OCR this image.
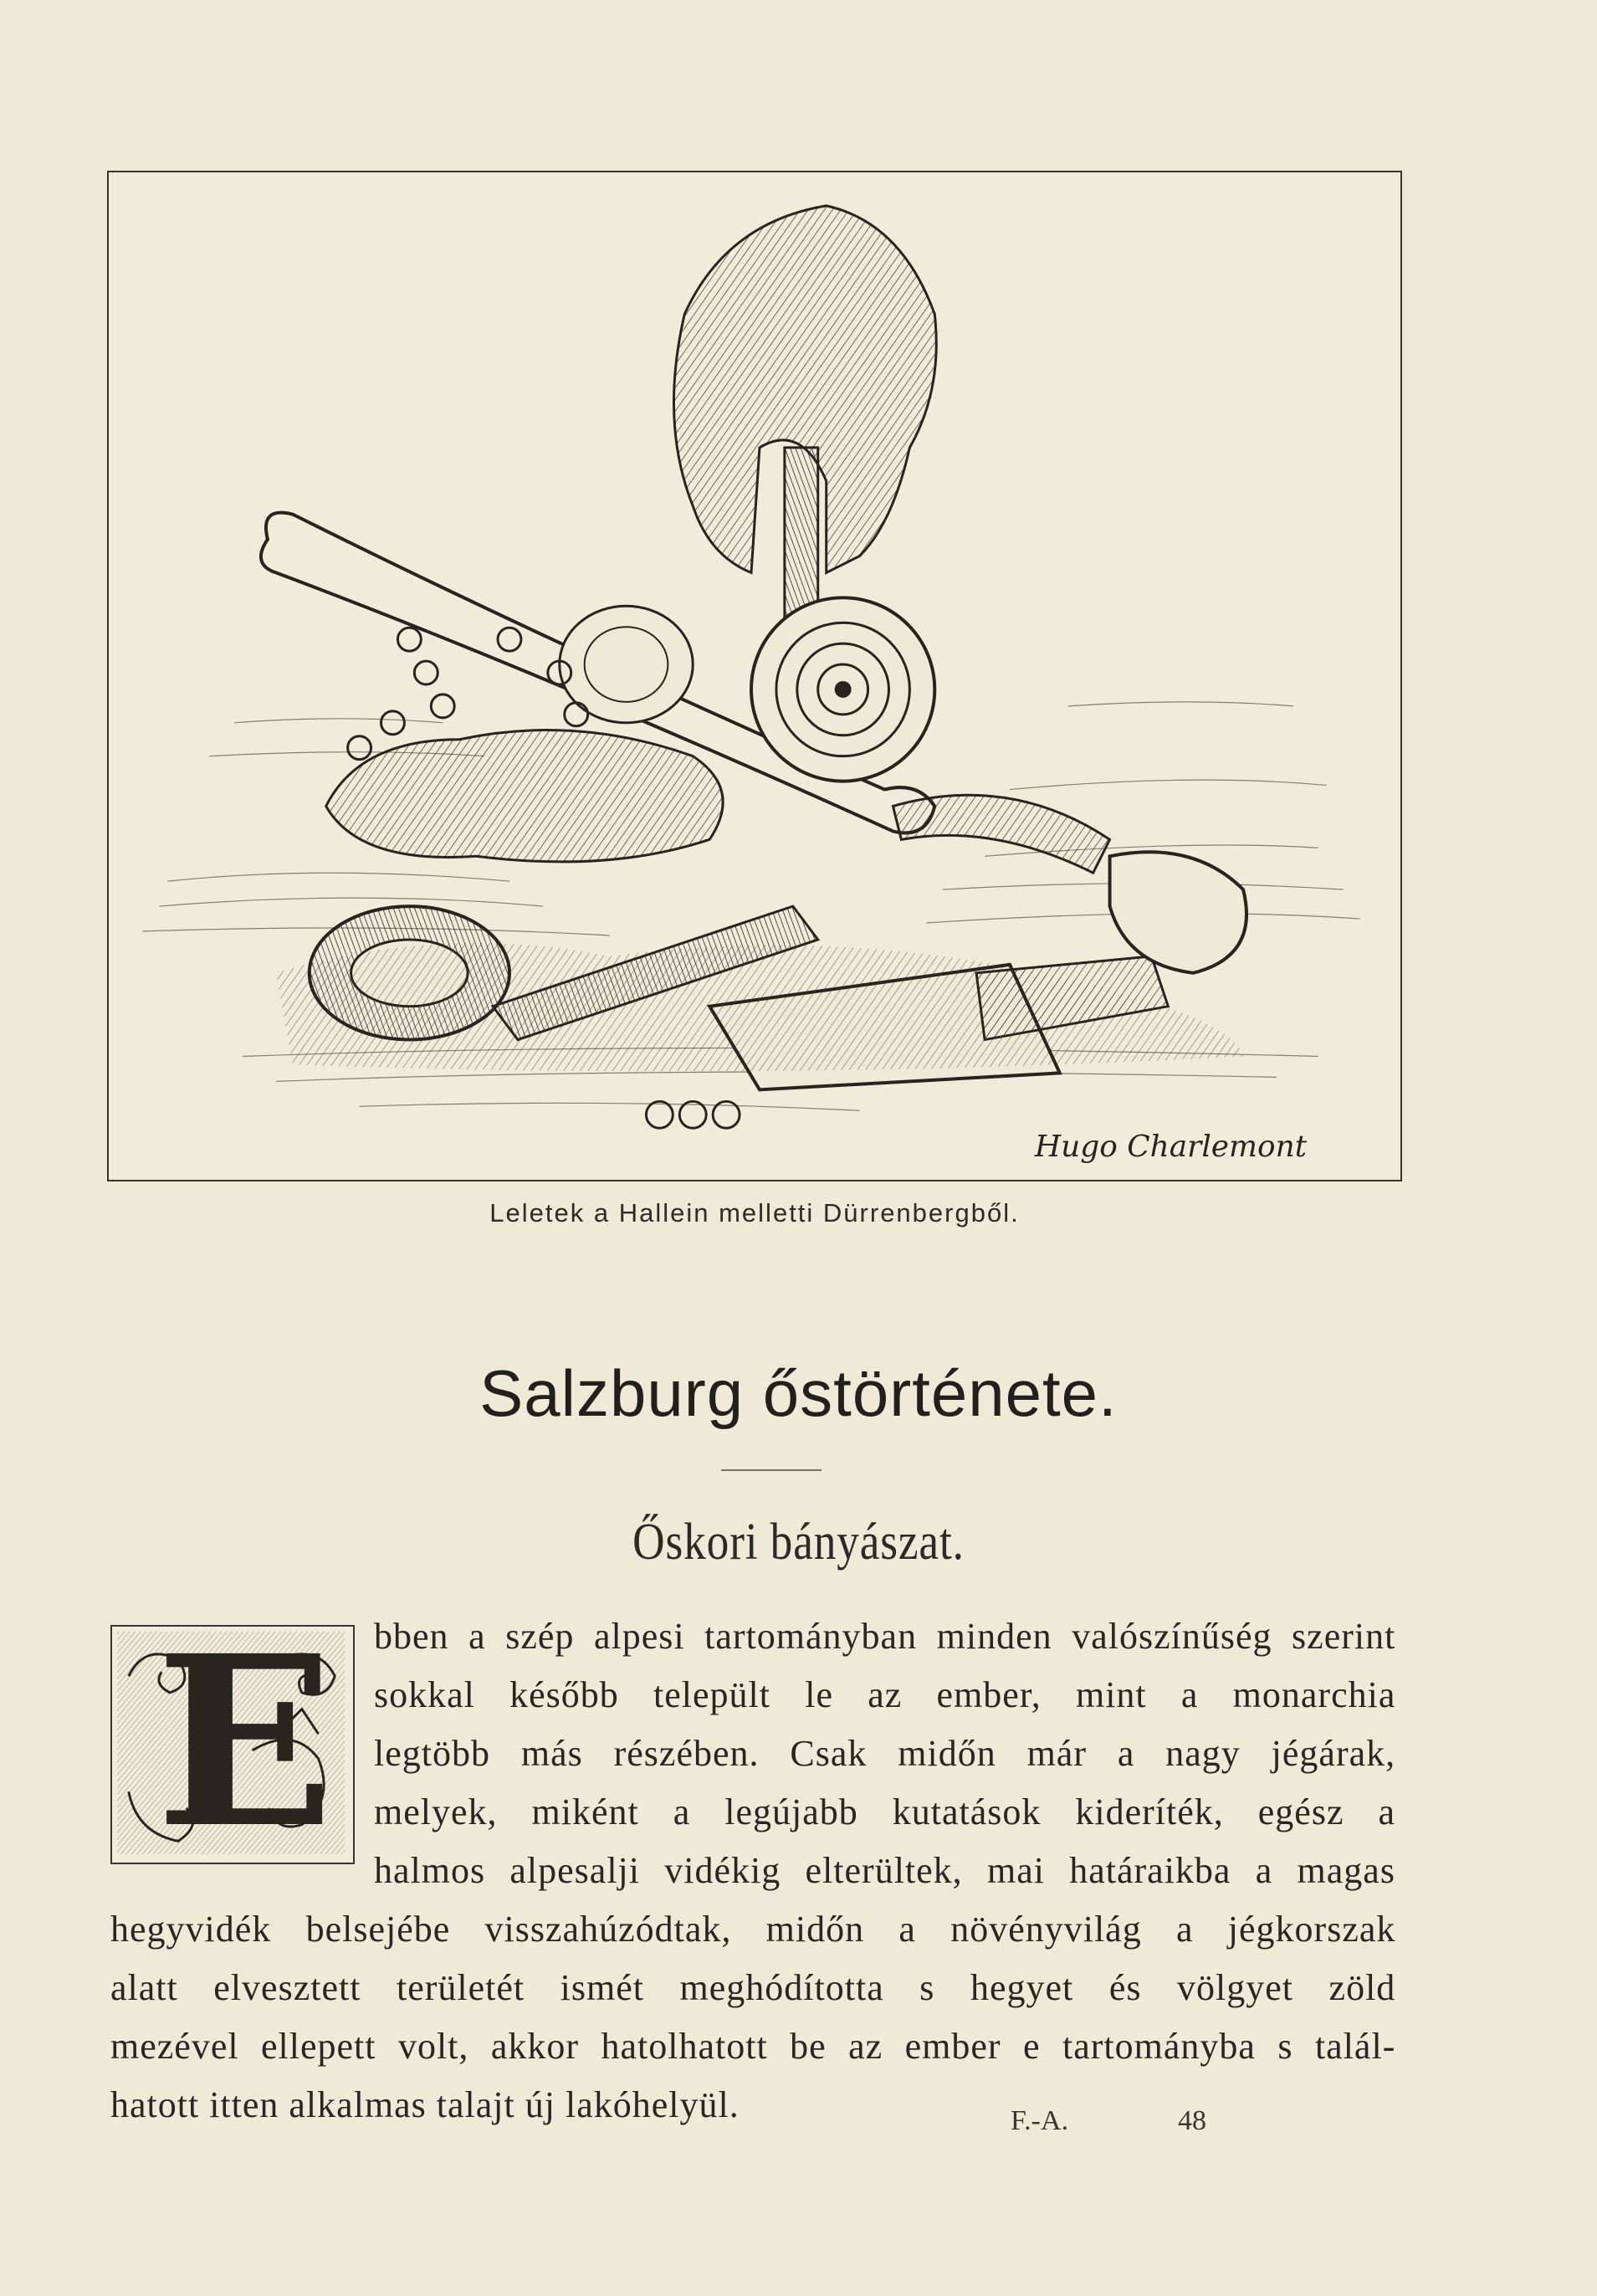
Hugo Charlemont
Leletek a Hallein melletti Dürrenbergből.
Salzburg őstörténete.
Őskori bányászat.
E bben a szép alpesi tartományban minden valószínűség szerint
sokkal később települt le az ember, mint a monarchia
legtöbb más részében. Csak midőn már a nagy jégárak,
melyek, miként a legújabb kutatások kideríték, egész a
halmos alpesalji vidékig elterültek, mai határaikba a magas
hegyvidék belsejébe visszahúzódtak, midőn a növényvilág a jégkorszak
alatt elvesztett területét ismét meghódította s hegyet és völgyet zöld
mezével ellepett volt, akkor hatolhatott be az ember e tartományba s talál-
hatott itten alkalmas talajt új lakóhelyül.	F.-A.	48
